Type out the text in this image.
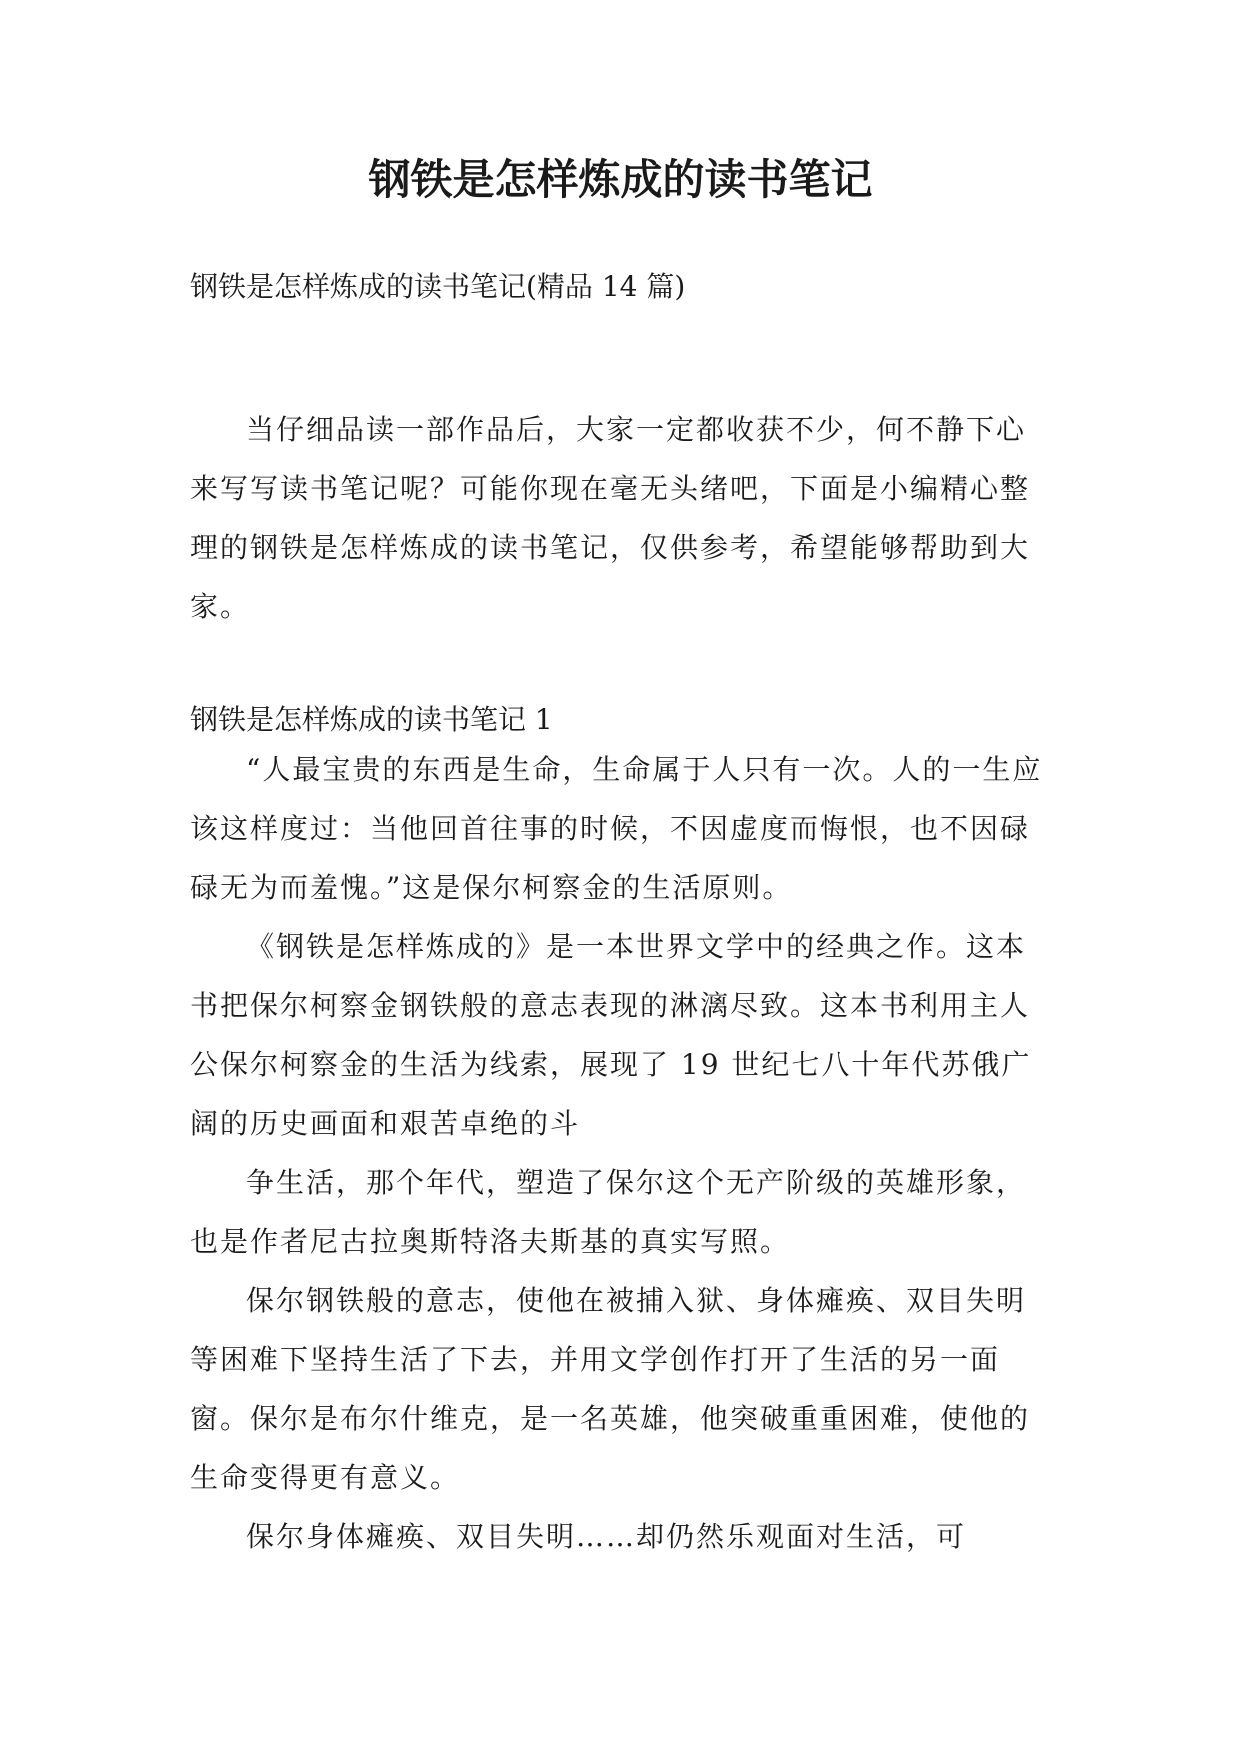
钢铁是怎样炼成的读书笔记
钢铁是怎样炼成的读书笔记(精品 14 篇)

当仔细品读一部作品后，大家一定都收获不少，何不静下心来写写读书笔记呢？可能你现在毫无头绪吧，下面是小编精心整理的钢铁是怎样炼成的读书笔记，仅供参考，希望能够帮助到大家。

钢铁是怎样炼成的读书笔记 1

“人最宝贵的东西是生命，生命属于人只有一次。人的一生应该这样度过：当他回首往事的时候，不因虚度而悔恨，也不因碌碌无为而羞愧。”这是保尔柯察金的生活原则。

《钢铁是怎样炼成的》是一本世界文学中的经典之作。这本书把保尔柯察金钢铁般的意志表现的淋漓尽致。这本书利用主人公保尔柯察金的生活为线索，展现了 19 世纪七八十年代苏俄广阔的历史画面和艰苦卓绝的斗

争生活，那个年代，塑造了保尔这个无产阶级的英雄形象，也是作者尼古拉奥斯特洛夫斯基的真实写照。

保尔钢铁般的意志，使他在被捕入狱、身体瘫痪、双目失明等困难下坚持生活了下去，并用文学创作打开了生活的另一面窗。保尔是布尔什维克，是一名英雄，他突破重重困难，使他的生命变得更有意义。

保尔身体瘫痪、双目失明……却仍然乐观面对生活，可
